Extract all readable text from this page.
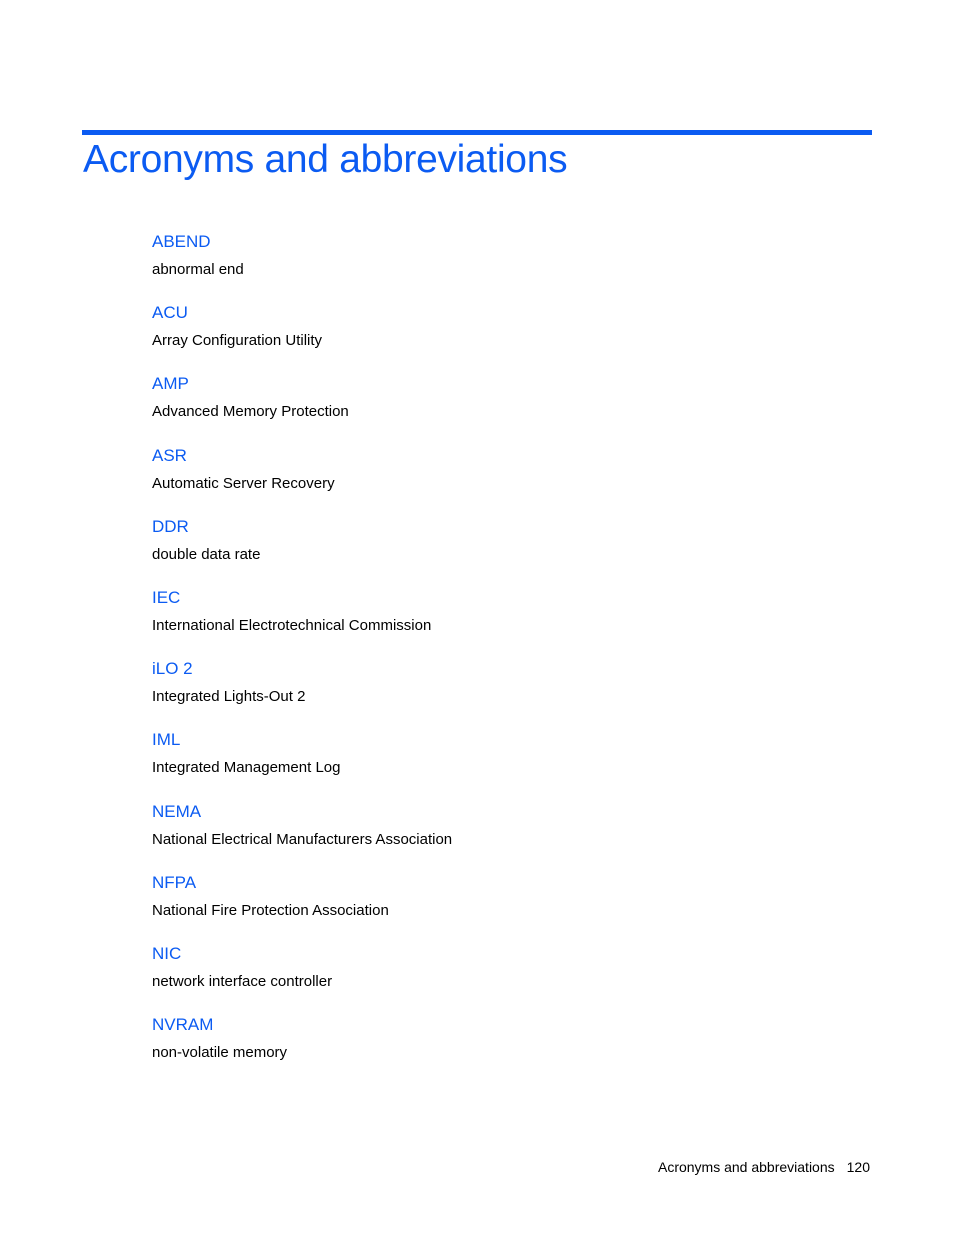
Acronyms and abbreviations
ABEND
abnormal end
ACU
Array Configuration Utility
AMP
Advanced Memory Protection
ASR
Automatic Server Recovery
DDR
double data rate
IEC
International Electrotechnical Commission
iLO 2
Integrated Lights-Out 2
IML
Integrated Management Log
NEMA
National Electrical Manufacturers Association
NFPA
National Fire Protection Association
NIC
network interface controller
NVRAM
non-volatile memory
Acronyms and abbreviations 120
